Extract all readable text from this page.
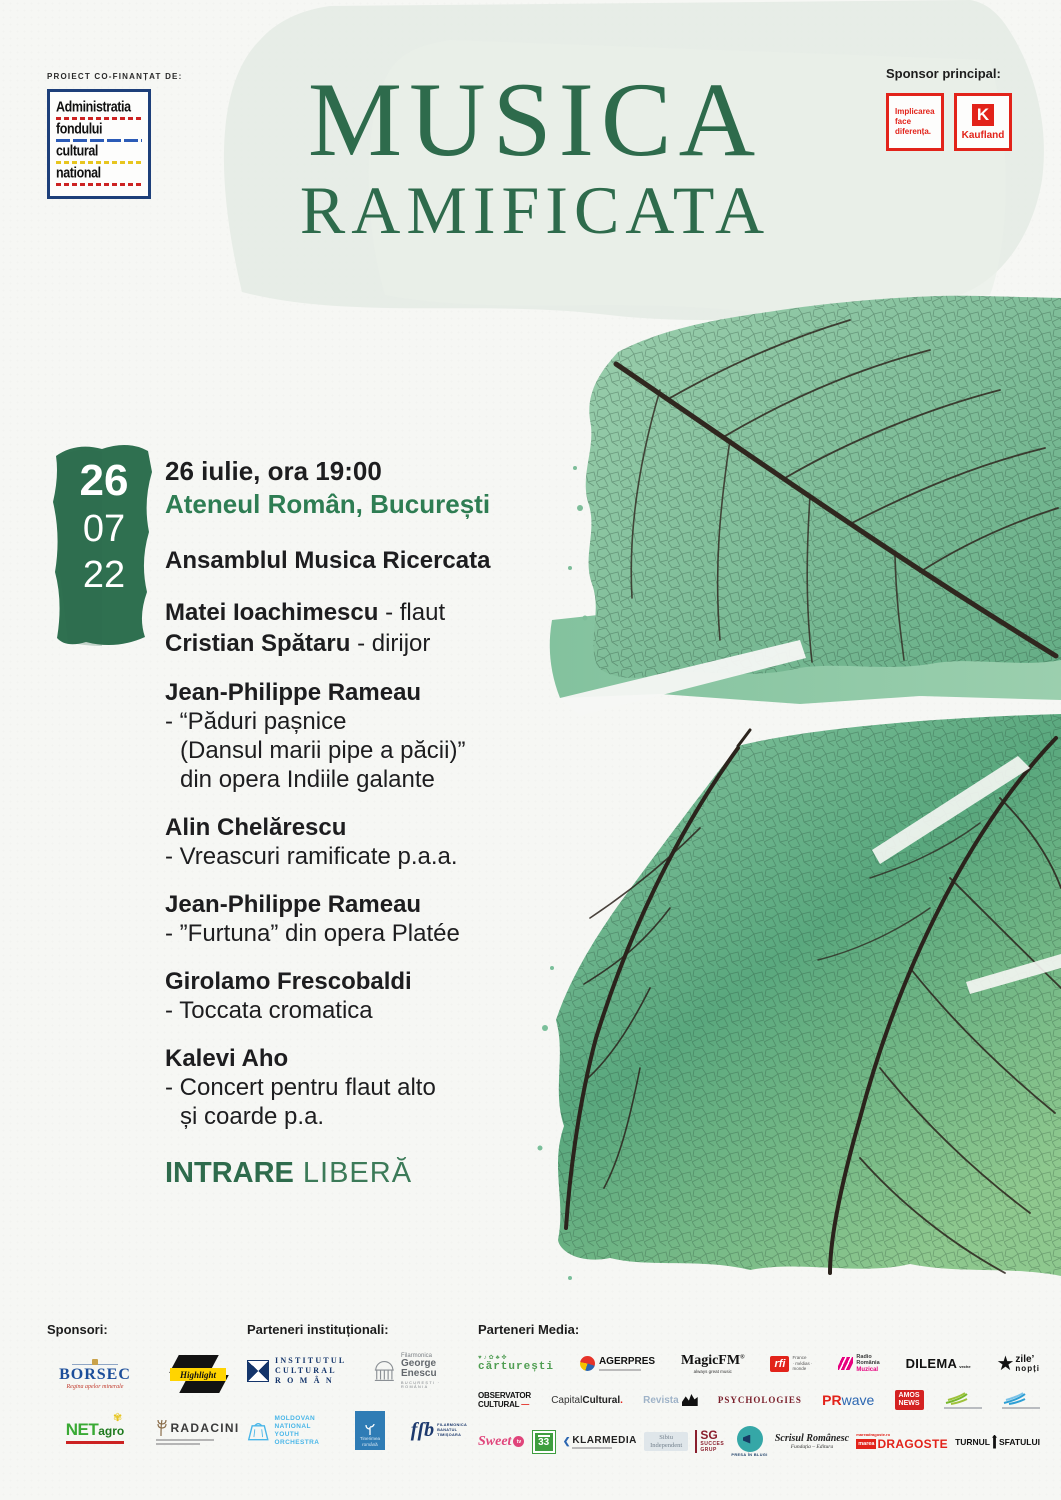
PROIECT CO-FINANȚAT DE:
Administratia
fondului
cultural
national
Sponsor principal:
Implicarea
face
diferența.
K
Kaufland
MUSICA
RAMIFICATA
26
07
22
26 iulie, ora 19:00
Ateneul Român, București
Ansamblul Musica Ricercata
Matei Ioachimescu - flaut
Cristian Spătaru - dirijor
Jean-Philippe Rameau
- “Păduri pașnice
(Dansul marii pipe a păcii)”
din opera Indiile galante
Alin Chelărescu
- Vreascuri ramificate p.a.a.
Jean-Philippe Rameau
- ”Furtuna” din opera Platée
Girolamo Frescobaldi
- Toccata cromatica
Kalevi Aho
- Concert pentru flaut alto
și coarde p.a.
INTRARE LIBERĂ
Sponsori:
BORSEC
Regina apelor minerale
Highlight
✾
NETagro	RADACINI
Parteneri instituționali:
INSTITUTUL
CULTURAL
R O M Â N
Filarmonica
George
Enescu
BUCUREȘTI · ROMÂNIA
MOLDOVAN
NATIONAL YOUTH
ORCHESTRA	Tinerimea
română
fſb FILARMONICA
BANATUL
TIMIȘOARA
Parteneri Media:
♥♪✿♣✤
cărturești	AGERPRES MagicFM®
always great music
rfi	France
· médias ·
monde
Radio
România
Muzical DILEMA veche ★ zile’
nopți
OBSERVATOR
CULTURAL — CapitalCultural. Revista	PSYCHOLOGIES PRwave	AMOS
NEWS
Sweet	tv	33 ❮ KLARMEDIA	Sibiu
Independent
SG
SUCCES
GRUP
PRESA ÎN BLUGI
Scrisul Românesc
Fundația – Editura
mareadragoste.ro
marea DRAGOSTE TURNUL SFATULUI
